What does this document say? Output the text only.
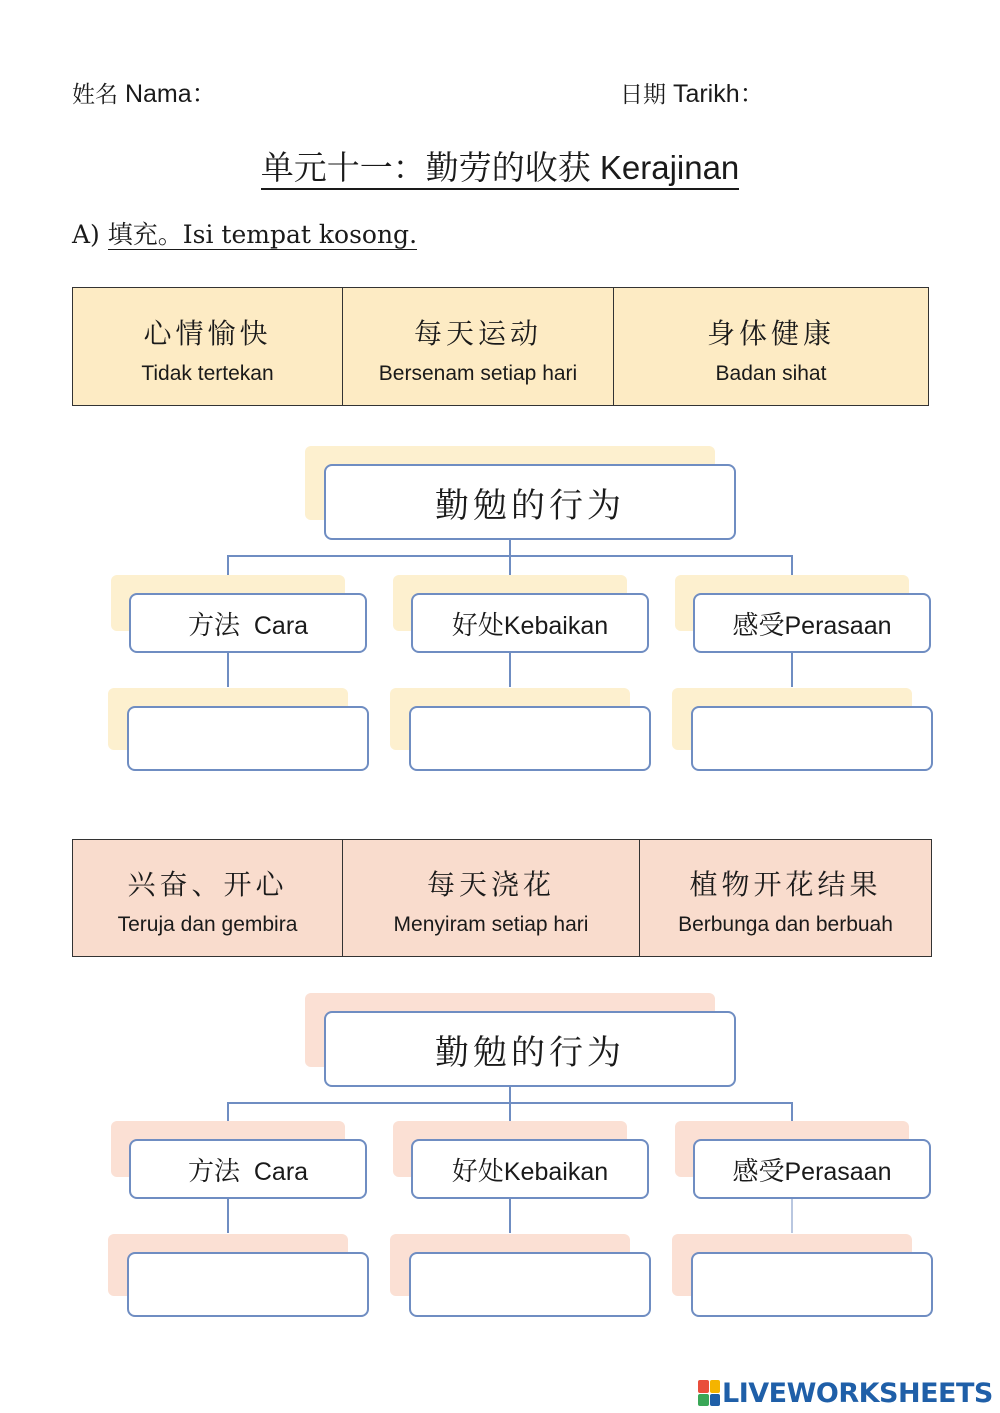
姓名 Nama：	日期 Tarikh：
单元十一：勤劳的收获 Kerajinan
A) 填充。Isi tempat kosong.
心情愉快
Tidak tertekan

每天运动
Bersenam setiap hari

身体健康
Badan sihat
勤勉的行为
方法 Cara	好处Kebaikan	感受Perasaan
兴奋、开心
Teruja dan gembira

每天浇花
Menyiram setiap hari

植物开花结果
Berbunga dan berbuah
勤勉的行为
方法 Cara	好处Kebaikan	感受Perasaan
LIVEWORKSHEETS
